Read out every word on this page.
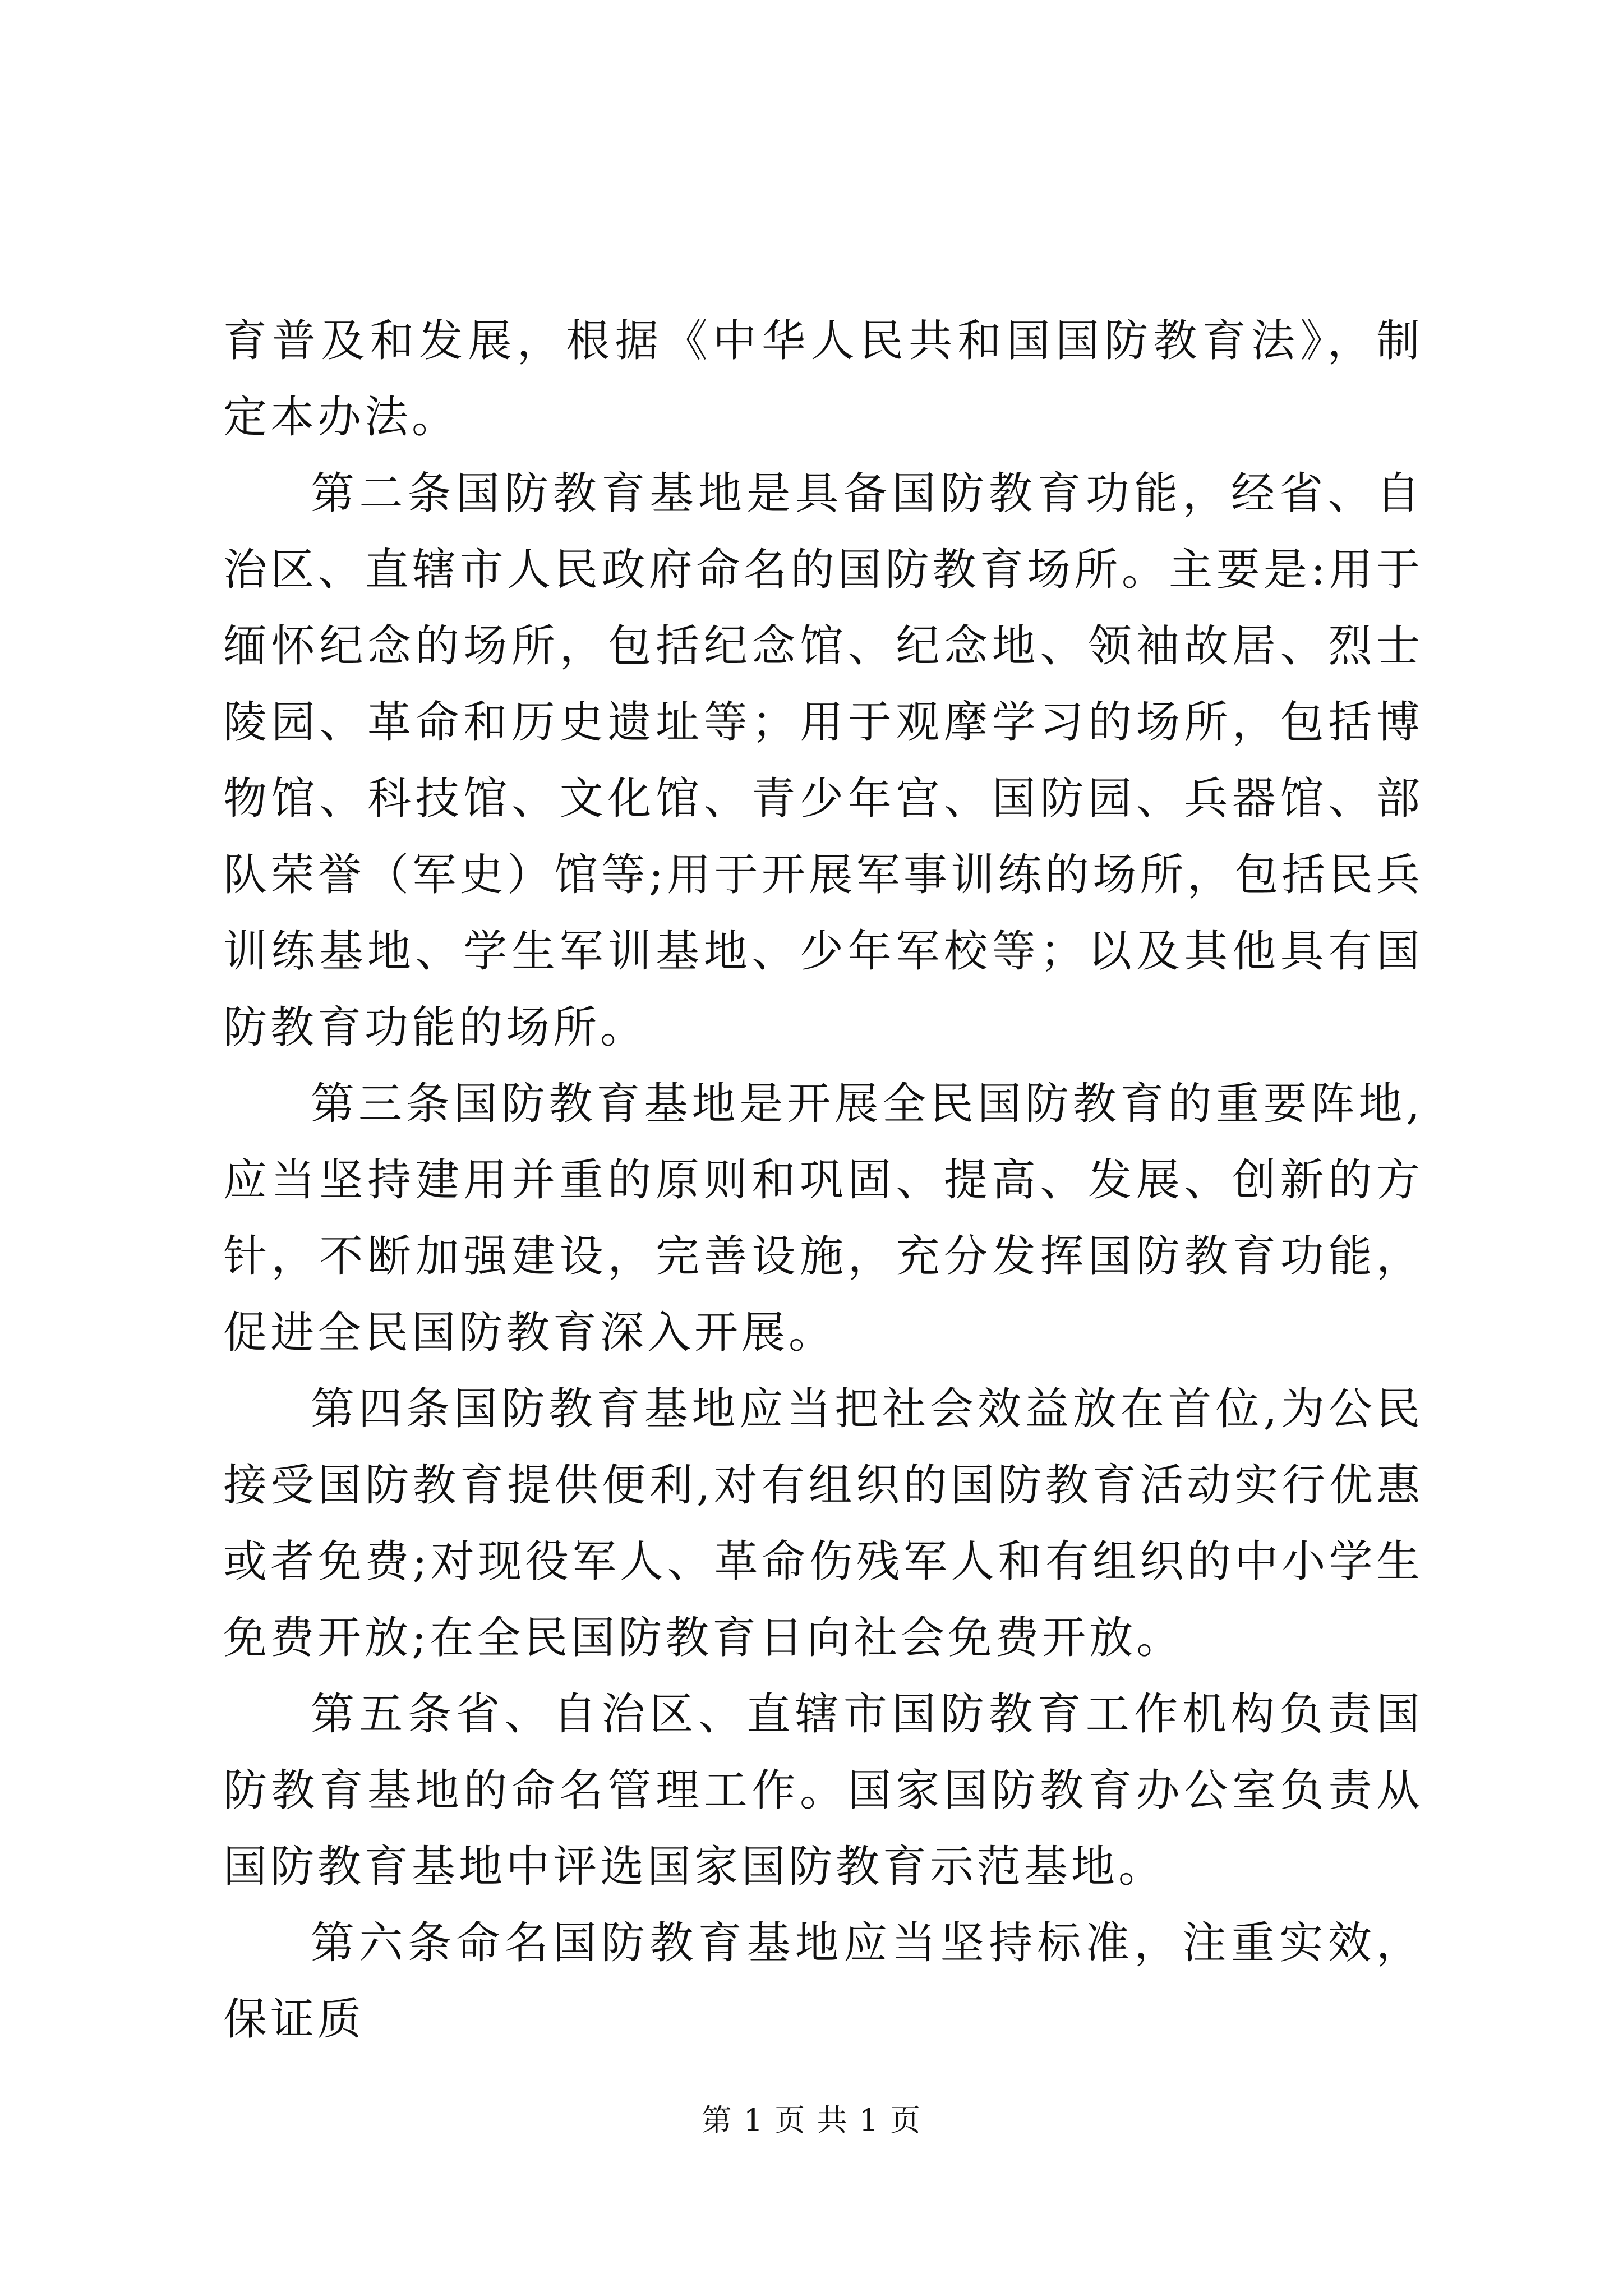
育普及和发展，根据《中华人民共和国国防教育法》，制定本办法。

第二条国防教育基地是具备国防教育功能，经省、自治区、直辖市人民政府命名的国防教育场所。主要是:用于缅怀纪念的场所，包括纪念馆、纪念地、领袖故居、烈士陵园、革命和历史遗址等；用于观摩学习的场所，包括博物馆、科技馆、文化馆、青少年宫、国防园、兵器馆、部队荣誉（军史）馆等;用于开展军事训练的场所，包括民兵训练基地、学生军训基地、少年军校等；以及其他具有国防教育功能的场所。

第三条国防教育基地是开展全民国防教育的重要阵地,应当坚持建用并重的原则和巩固、提高、发展、创新的方针，不断加强建设，完善设施，充分发挥国防教育功能，促进全民国防教育深入开展。

第四条国防教育基地应当把社会效益放在首位,为公民接受国防教育提供便利,对有组织的国防教育活动实行优惠或者免费;对现役军人、革命伤残军人和有组织的中小学生免费开放;在全民国防教育日向社会免费开放。

第五条省、自治区、直辖市国防教育工作机构负责国防教育基地的命名管理工作。国家国防教育办公室负责从国防教育基地中评选国家国防教育示范基地。

第六条命名国防教育基地应当坚持标准，注重实效，保证质

第 1 页 共 1 页
